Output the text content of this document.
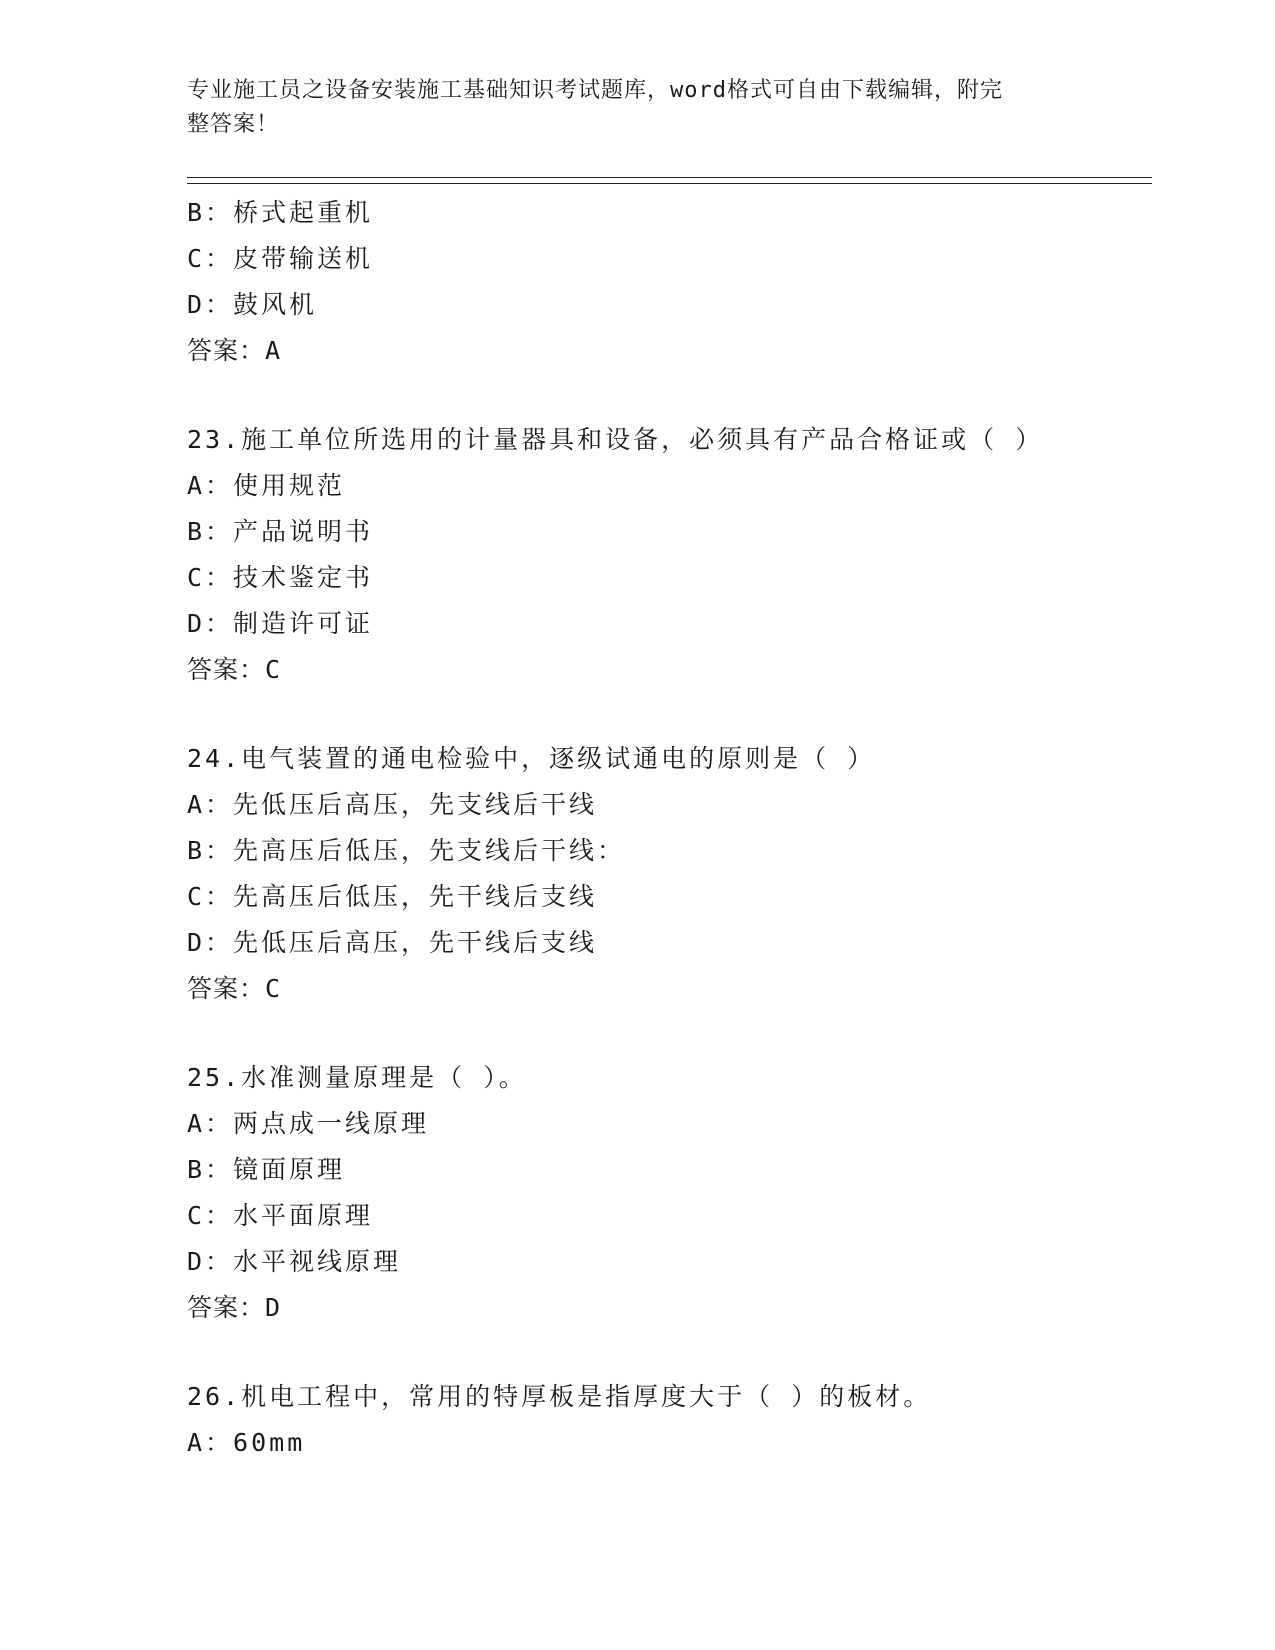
专业施工员之设备安装施工基础知识考试题库，word格式可自由下载编辑，附完
整答案！
B：桥式起重机
C：皮带输送机
D：鼓风机
答案：A
23.施工单位所选用的计量器具和设备，必须具有产品合格证或（ ）
A：使用规范
B：产品说明书
C：技术鉴定书
D：制造许可证
答案：C
24.电气装置的通电检验中，逐级试通电的原则是（ ）
A：先低压后高压，先支线后干线
B：先高压后低压，先支线后干线：
C：先高压后低压，先干线后支线
D：先低压后高压，先干线后支线
答案：C
25.水准测量原理是（ ）。
A：两点成一线原理
B：镜面原理
C：水平面原理
D：水平视线原理
答案：D
26.机电工程中，常用的特厚板是指厚度大于（ ）的板材。
A：60mm
